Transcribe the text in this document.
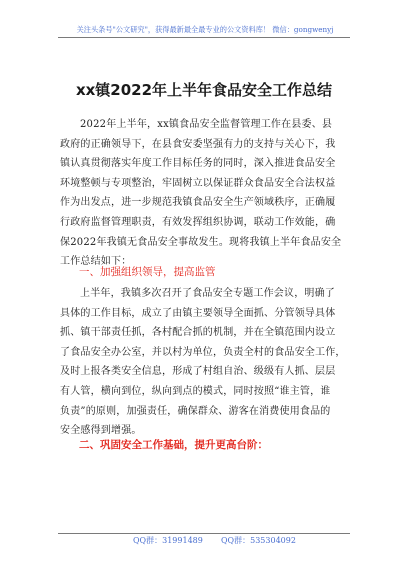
关注头条号"公文研究"，获得最新最全最专业的公文资料库！ 微信：gongwenyj
xx镇2022年上半年食品安全工作总结
2022年上半年，xx镇食品安全监督管理工作在县委、县
政府的正确领导下，在县食安委坚强有力的支持与关心下，我
镇认真贯彻落实年度工作目标任务的同时，深入推进食品安全
环境整顿与专项整治，牢固树立以保证群众食品安全合法权益
作为出发点，进一步规范我镇食品安全生产领域秩序，正确履
行政府监督管理职责，有效发挥组织协调，联动工作效能，确
保2022年我镇无食品安全事故发生。现将我镇上半年食品安全
工作总结如下：
一、加强组织领导，提高监管
上半年，我镇多次召开了食品安全专题工作会议，明确了
具体的工作目标，成立了由镇主要领导全面抓、分管领导具体
抓、镇干部责任抓，各村配合抓的机制，并在全镇范围内设立
了食品安全办公室，并以村为单位，负责全村的食品安全工作，
及时上报各类安全信息，形成了村组自治、级级有人抓、层层
有人管，横向到位，纵向到点的模式，同时按照“谁主管，谁
负责”的原则，加强责任，确保群众、游客在消费使用食品的
安全感得到增强。
二、巩固安全工作基础，提升更高台阶：
QQ群：31991489 QQ群：535304092
